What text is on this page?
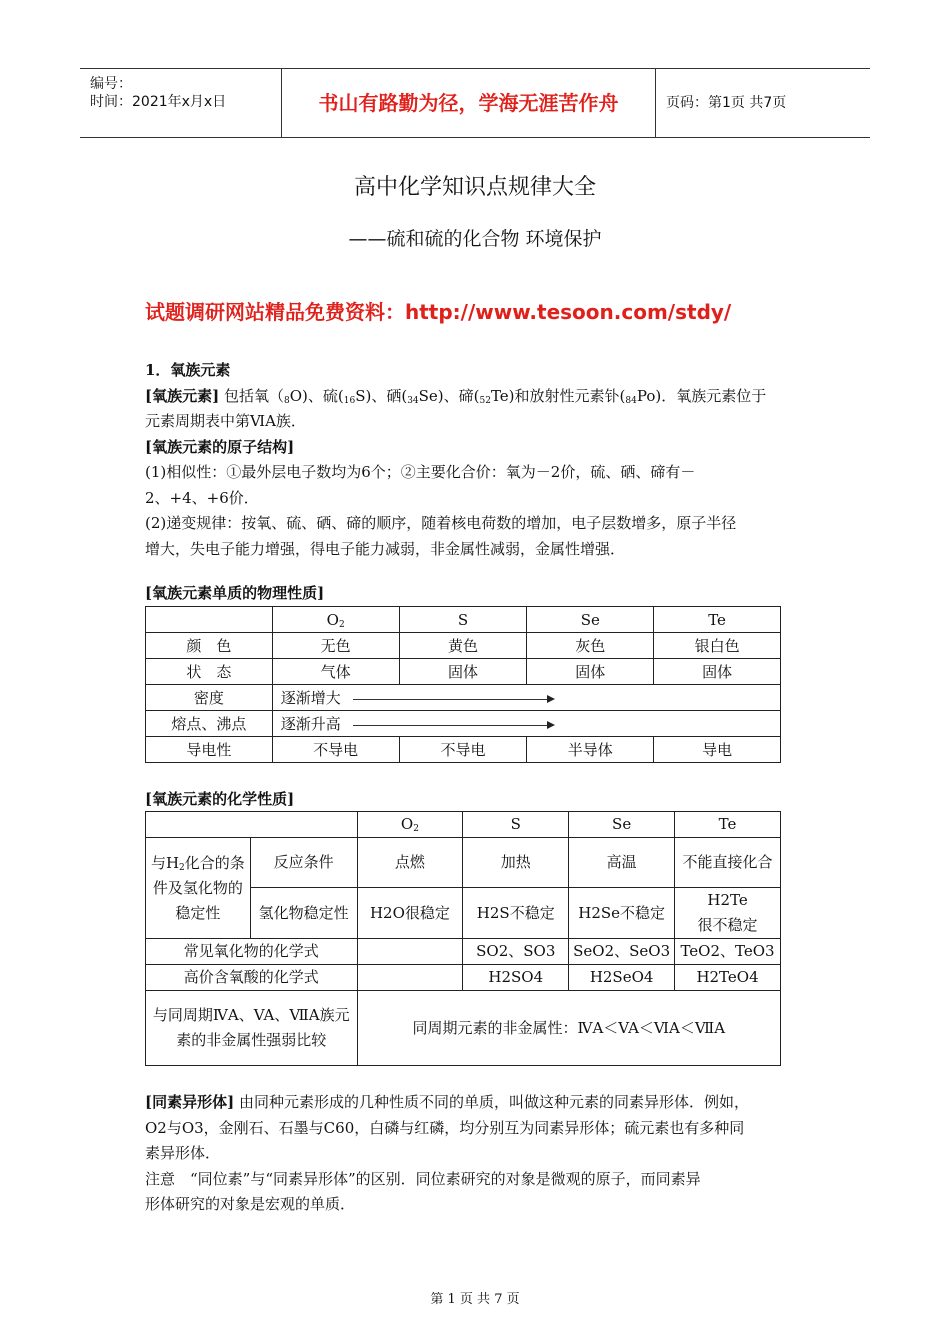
编号：
时间：2021年x月x日	书山有路勤为径，学海无涯苦作舟	页码：第1页 共7页
高中化学知识点规律大全
——硫和硫的化合物 环境保护
试题调研网站精品免费资料：http://www.tesoon.com/stdy/

1．氧族元素

[氧族元素] 包括氧$(_8O)$、硫$(_{16}S)$、硒$(_{34}Se)$、碲$(_{52}Te)$和放射性元素钋$(_{84}Po)$．氧族元素位于
元素周期表中第ⅥA族．

[氧族元素的原子结构]

(1)相似性：①最外层电子数均为6个；②主要化合价：氧为－2价，硫、硒、碲有－
2、+4、+6价．

(2)递变规律：按氧、硫、硒、碲的顺序，随着核电荷数的增加，电子层数增多，原子半径
增大，失电子能力增强，得电子能力减弱，非金属性减弱，金属性增强．

[氧族元素单质的物理性质]
	$O_2$	S	Se	Te
颜　色	无色	黄色	灰色	银白色
状　态	气体	固体	固体	固体
密度	逐渐增大			
熔点、沸点	逐渐升高			
导电性	不导电	不导电	半导体	导电
[氧族元素的化学性质]
		$O_2$	S	Se	Te
与$H_2$化合的条件及氢化物的稳定性	反应条件	点燃	加热	高温	不能直接化合
	氢化物稳定性	H2O很稳定	H2S不稳定	H2Se不稳定	H2Te
很不稳定
常见氧化物的化学式			SO2、SO3	SeO2、SeO3	TeO2、TeO3
高价含氧酸的化学式			H2SO4	H2SeO4	H2TeO4
与同周期ⅣA、VA、ⅦA族元素的非金属性强弱比较		同周期元素的非金属性：ⅣA＜VA＜ⅥA＜ⅦA			

[同素异形体] 由同种元素形成的几种性质不同的单质，叫做这种元素的同素异形体．例如，
O2与O3，金刚石、石墨与C60，白磷与红磷，均分别互为同素异形体；硫元素也有多种同
素异形体．

注意　“同位素”与“同素异形体”的区别．同位素研究的对象是微观的原子，而同素异
形体研究的对象是宏观的单质．

第 1 页 共 7 页
